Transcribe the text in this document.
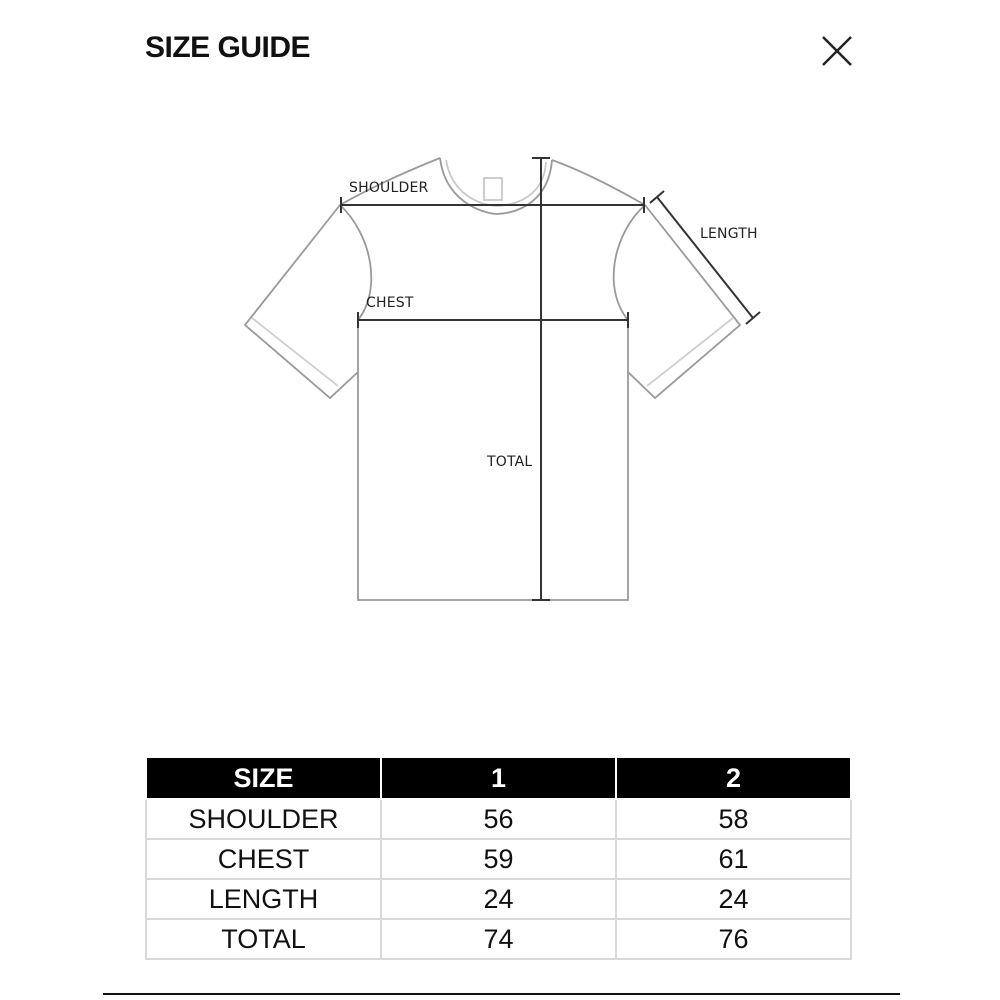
SIZE GUIDE
SHOULDER
CHEST
LENGTH
TOTAL
SIZE	1	2
SHOULDER	56	58
CHEST	59	61
LENGTH	24	24
TOTAL	74	76
